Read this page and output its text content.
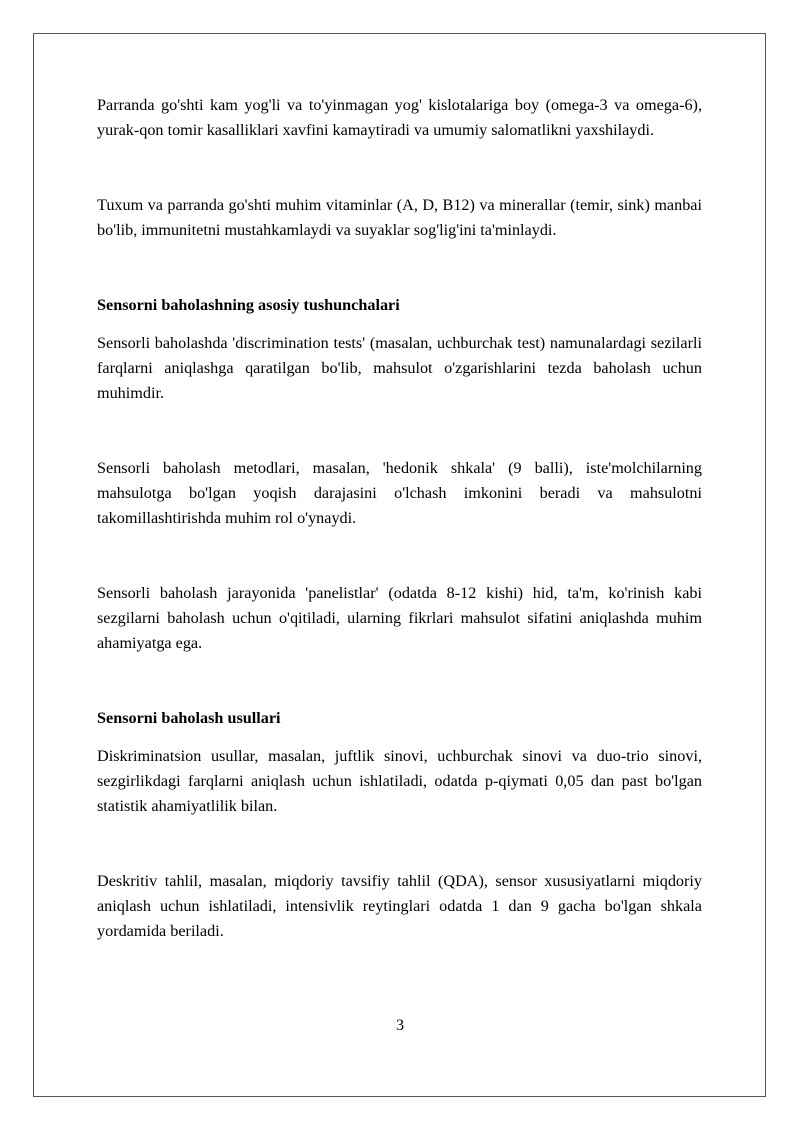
Parranda go'shti kam yog'li va to'yinmagan yog' kislotalariga boy (omega-3 va omega-6), yurak-qon tomir kasalliklari xavfini kamaytiradi va umumiy salomatlikni yaxshilaydi.

Tuxum va parranda go'shti muhim vitaminlar (A, D, B12) va minerallar (temir, sink) manbai bo'lib, immunitetni mustahkamlaydi va suyaklar sog'lig'ini ta'minlaydi.

Sensorni baholashning asosiy tushunchalari

Sensorli baholashda 'discrimination tests' (masalan, uchburchak test) namunalardagi sezilarli farqlarni aniqlashga qaratilgan bo'lib, mahsulot o'zgarishlarini tezda baholash uchun muhimdir.

Sensorli baholash metodlari, masalan, 'hedonik shkala' (9 balli), iste'molchilarning mahsulotga bo'lgan yoqish darajasini o'lchash imkonini beradi va mahsulotni takomillashtirishda muhim rol o'ynaydi.

Sensorli baholash jarayonida 'panelistlar' (odatda 8-12 kishi) hid, ta'm, ko'rinish kabi sezgilarni baholash uchun o'qitiladi, ularning fikrlari mahsulot sifatini aniqlashda muhim ahamiyatga ega.

Sensorni baholash usullari

Diskriminatsion usullar, masalan, juftlik sinovi, uchburchak sinovi va duo-trio sinovi, sezgirlikdagi farqlarni aniqlash uchun ishlatiladi, odatda p-qiymati 0,05 dan past bo'lgan statistik ahamiyatlilik bilan.

Deskritiv tahlil, masalan, miqdoriy tavsifiy tahlil (QDA), sensor xususiyatlarni miqdoriy aniqlash uchun ishlatiladi, intensivlik reytinglari odatda 1 dan 9 gacha bo'lgan shkala yordamida beriladi.

3
